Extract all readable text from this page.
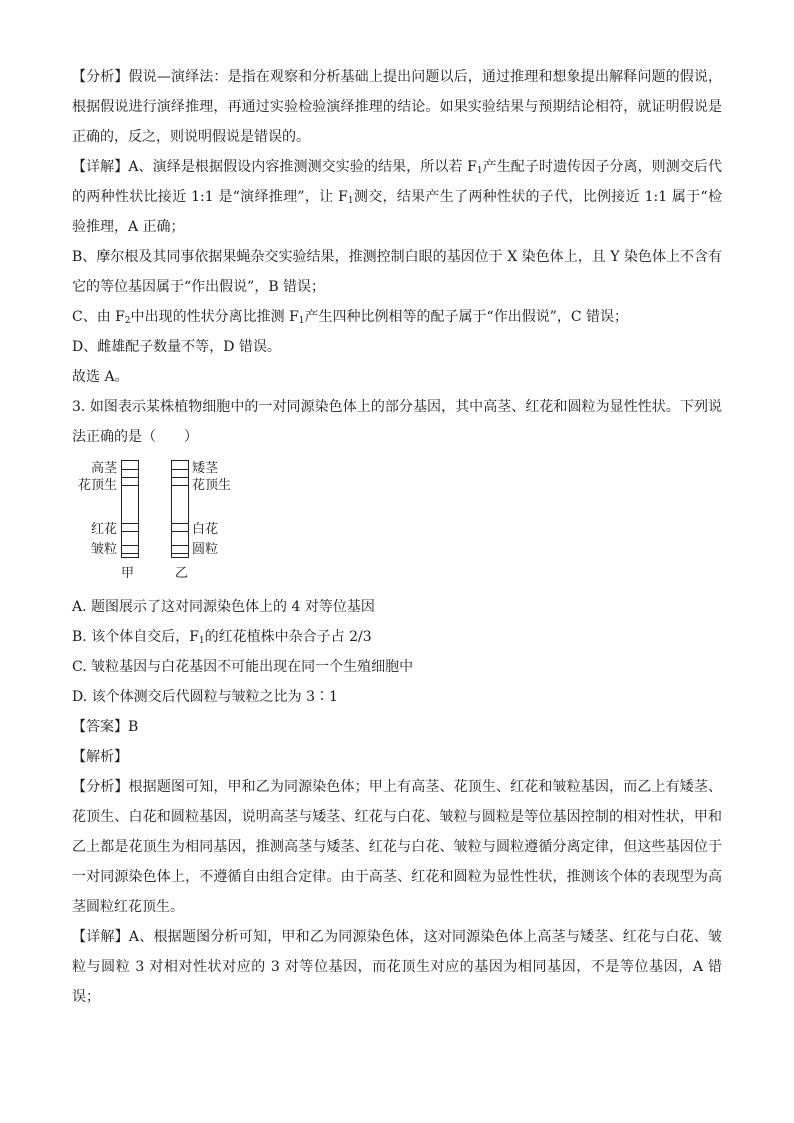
【分析】假说—演绎法：是指在观察和分析基础上提出问题以后，通过推理和想象提出解释问题的假说，根据假说进行演绎推理，再通过实验检验演绎推理的结论。如果实验结果与预期结论相符，就证明假说是正确的，反之，则说明假说是错误的。

【详解】A、演绎是根据假设内容推测测交实验的结果，所以若 $F_1$产生配子时遗传因子分离，则测交后代的两种性状比接近 1:1 是“演绎推理”，让 $F_1$测交，结果产生了两种性状的子代，比例接近 1:1 属于“检验推理，A 正确；

B、摩尔根及其同事依据果蝇杂交实验结果，推测控制白眼的基因位于 X 染色体上，且 Y 染色体上不含有它的等位基因属于“作出假说”，B 错误；

C、由 $F_2$中出现的性状分离比推测 $F_1$产生四种比例相等的配子属于“作出假说”，C 错误；

D、雌雄配子数量不等，D 错误。

故选 A。

3. 如图表示某株植物细胞中的一对同源染色体上的部分基因，其中高茎、红花和圆粒为显性性状。下列说法正确的是（　　）

高茎
花顶生
红花
皱粒
甲
矮茎
花顶生
白花
圆粒
乙

A. 题图展示了这对同源染色体上的 4 对等位基因

B. 该个体自交后，$F_1$的红花植株中杂合子占 2/3

C. 皱粒基因与白花基因不可能出现在同一个生殖细胞中

D. 该个体测交后代圆粒与皱粒之比为 3∶1

【答案】B

【解析】

【分析】根据题图可知，甲和乙为同源染色体；甲上有高茎、花顶生、红花和皱粒基因，而乙上有矮茎、花顶生、白花和圆粒基因，说明高茎与矮茎、红花与白花、皱粒与圆粒是等位基因控制的相对性状，甲和乙上都是花顶生为相同基因，推测高茎与矮茎、红花与白花、皱粒与圆粒遵循分离定律，但这些基因位于一对同源染色体上，不遵循自由组合定律。由于高茎、红花和圆粒为显性性状，推测该个体的表现型为高茎圆粒红花顶生。

【详解】A、根据题图分析可知，甲和乙为同源染色体，这对同源染色体上高茎与矮茎、红花与白花、皱粒与圆粒 3 对相对性状对应的 3 对等位基因，而花顶生对应的基因为相同基因，不是等位基因，A 错误；
